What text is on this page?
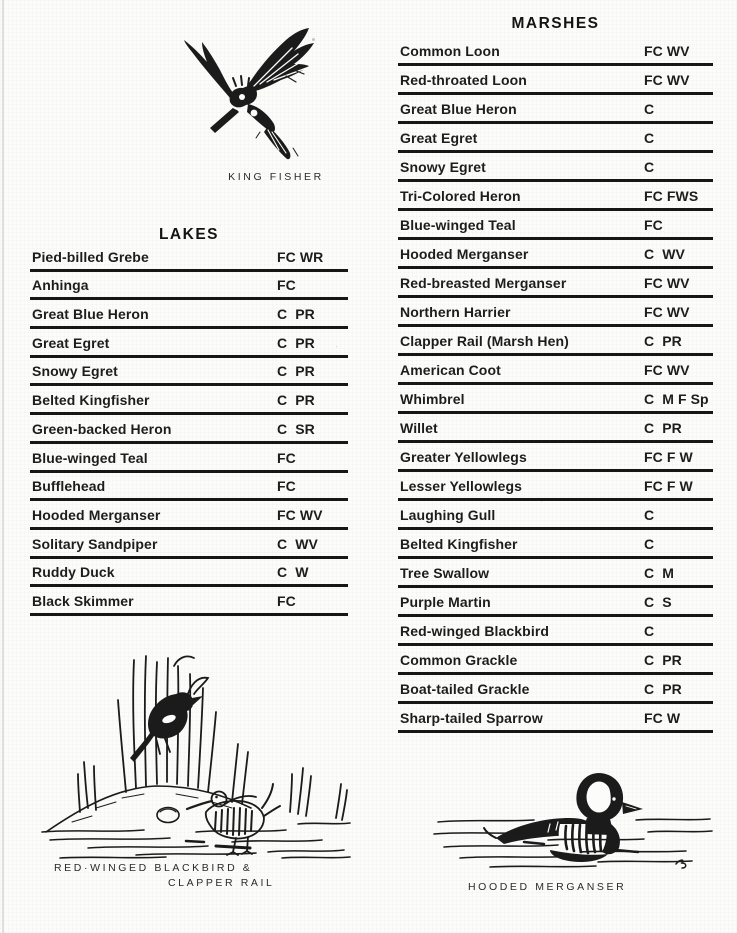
KING FISHER
LAKES
Pied-billed Grebe	FC WR
Anhinga	FC
Great Blue Heron	C  PR
Great Egret	C  PR
Snowy Egret	C  PR
Belted Kingfisher	C  PR
Green-backed Heron	C  SR
Blue-winged Teal	FC
Bufflehead	FC
Hooded Merganser	FC WV
Solitary Sandpiper	C  WV
Ruddy Duck	C  W
Black Skimmer	FC
MARSHES
Common Loon	FC WV
Red-throated Loon	FC WV
Great Blue Heron	C
Great Egret	C
Snowy Egret	C
Tri-Colored Heron	FC FWS
Blue-winged Teal	FC
Hooded Merganser	C  WV
Red-breasted Merganser	FC WV
Northern Harrier	FC WV
Clapper Rail (Marsh Hen)	C  PR
American Coot	FC WV
Whimbrel	C  M F Sp
Willet	C  PR
Greater Yellowlegs	FC F W
Lesser Yellowlegs	FC F W
Laughing Gull	C
Belted Kingfisher	C
Tree Swallow	C  M
Purple Martin	C  S
Red-winged Blackbird	C
Common Grackle	C  PR
Boat-tailed Grackle	C  PR
Sharp-tailed Sparrow	FC W
RED·WINGED BLACKBIRD &
CLAPPER RAIL	HOODED MERGANSER
